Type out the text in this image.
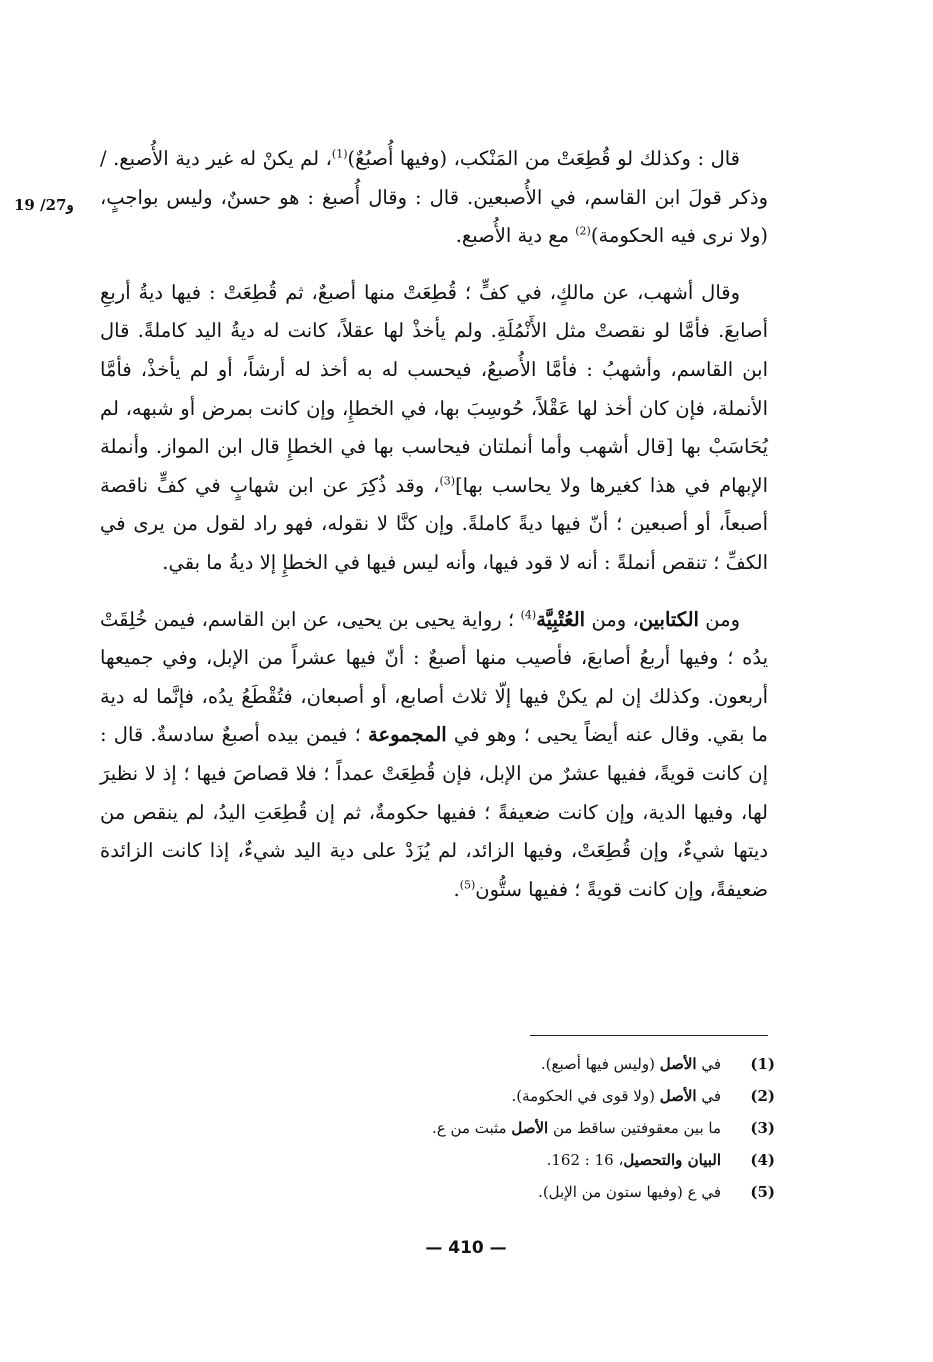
19 /27و

قال : وكذلك لو قُطِعَتْ من المَنْكب، (وفيها أُصبُعٌ)$^{(1)}$، لم يكنْ له غير دية الأُصبع. / وذكر قولَ ابن القاسم، في الأُصبعين. قال : وقال أُصبغ : هو حسنٌ، وليس بواجبٍ، (ولا نرى فيه الحكومة)$^{(2)}$ مع دية الأُصبع.

وقال أشهب، عن مالكٍ، في كفٍّ ؛ قُطِعَتْ منها أصبعٌ، ثم قُطِعَتْ : فيها ديةُ أربعِ أصابعَ. فأمَّا لو نقصتْ مثل الأَنْمُلَةِ. ولم يأخذْ لها عقلاً، كانت له ديةُ اليد كاملةً. قال ابن القاسم، وأشهبُ : فأمَّا الأُصبعُ، فيحسب له به أخذ له أرشاً، أو لم يأخذْ، فأمَّا الأنملة، فإن كان أخذ لها عَقْلاً، حُوسِبَ بها، في الخطإِ، وإن كانت بمرض أو شبهه، لم يُحَاسَبْ بها [قال أشهب وأما أنملتان فيحاسب بها في الخطإِ قال ابن المواز. وأنملة الإبهام في هذا كغيرها ولا يحاسب بها]$^{(3)}$، وقد ذُكِرَ عن ابن شهابٍ في كفٍّ ناقصة أصبعاً، أو أصبعين ؛ أنّ فيها ديةً كاملةً. وإن كنَّا لا نقوله، فهو راد لقول من يرى في الكفِّ ؛ تنقص أنملةً : أنه لا قود فيها، وأنه ليس فيها في الخطإِ إلا ديةُ ما بقي.

ومن الكتابين، ومن العُتْبِيَّة$^{(4)}$ ؛ رواية يحيى بن يحيى، عن ابن القاسم، فيمن خُلِقَتْ يدُه ؛ وفيها أربعُ أصابعَ، فأصيب منها أصبعٌ : أنّ فيها عشراً من الإبل، وفي جميعها أربعون. وكذلك إن لم يكنْ فيها إلّا ثلاث أصابع، أو أصبعان، فتُقْطَعُ يدُه، فإنَّما له دية ما بقي. وقال عنه أيضاً يحيى ؛ وهو في المجموعة ؛ فيمن بيده أصبعٌ سادسةٌ. قال : إن كانت قويةً، ففيها عشرٌ من الإبل، فإن قُطِعَتْ عمداً ؛ فلا قصاصَ فيها ؛ إذ لا نظيرَ لها، وفيها الدية، وإن كانت ضعيفةً ؛ ففيها حكومةٌ، ثم إن قُطِعَتِ اليدُ، لم ينقص من ديتها شيءٌ، وإن قُطِعَتْ، وفيها الزائد، لم يُزَدْ على دية اليد شيءٌ، إذا كانت الزائدة ضعيفةً، وإن كانت قويةً ؛ ففيها ستُّون$^{(5)}$.

(1)
في الأصل (وليس فيها أصبع).
(2)
في الأصل (ولا قوى في الحكومة).
(3)
ما بين معقوفتين ساقط من الأصل مثبت من ع.
(4)
البيان والتحصيل، 16 : 162.
(5)
في ع (وفيها ستون من الإبل).
— 410 —
